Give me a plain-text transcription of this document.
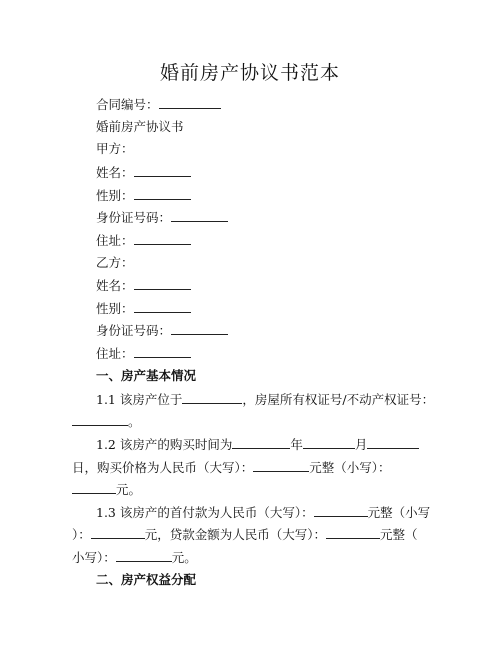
婚前房产协议书范本
合同编号：
婚前房产协议书
甲方：
姓名：
性别：
身份证号码：
住址：
乙方：
姓名：
性别：
身份证号码：
住址：
一、房产基本情况
1.1 该房产位于	，房屋所有权证号/不动产权证号：
。
1.2 该房产的购买时间为	年	月
日，购买价格为人民币（大写）：	元整（小写）：
元。
1.3 该房产的首付款为人民币（大写）：	元整（小写
）：	元，贷款金额为人民币（大写）：	元整（
小写）：	元。
二、房产权益分配
